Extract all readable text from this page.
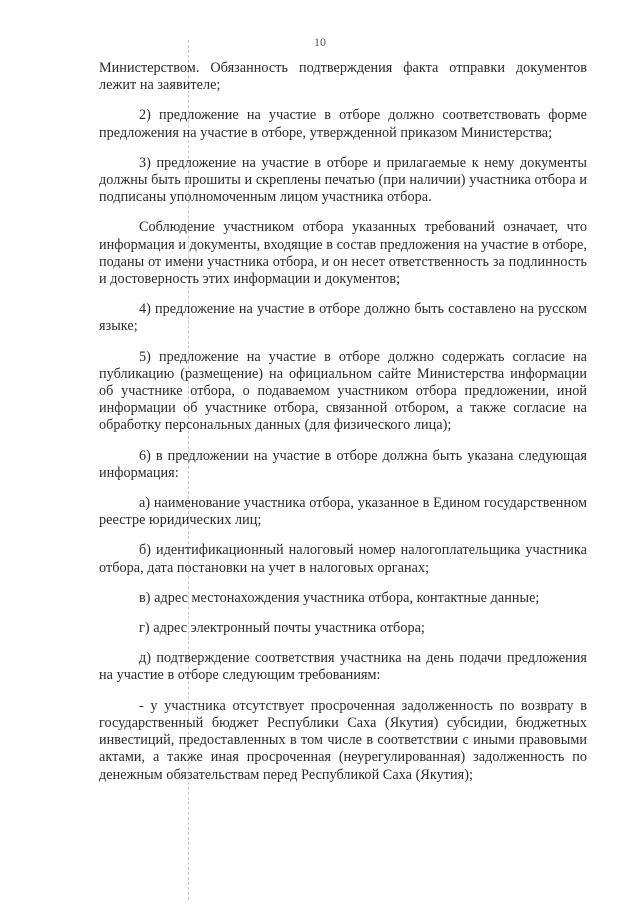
10

Министерством. Обязанность подтверждения факта отправки документов лежит на заявителе;

2) предложение на участие в отборе должно соответствовать форме предложения на участие в отборе, утвержденной приказом Министерства;

3) предложение на участие в отборе и прилагаемые к нему документы должны быть прошиты и скреплены печатью (при наличии) участника отбора и подписаны уполномоченным лицом участника отбора.

Соблюдение участником отбора указанных требований означает, что информация и документы, входящие в состав предложения на участие в отборе, поданы от имени участника отбора, и он несет ответственность за подлинность и достоверность этих информации и документов;

4) предложение на участие в отборе должно быть составлено на русском языке;

5) предложение на участие в отборе должно содержать согласие на публикацию (размещение) на официальном сайте Министерства информации об участнике отбора, о подаваемом участником отбора предложении, иной информации об участнике отбора, связанной отбором, а также согласие на обработку персональных данных (для физического лица);

6) в предложении на участие в отборе должна быть указана следующая информация:

а) наименование участника отбора, указанное в Едином государственном реестре юридических лиц;

б) идентификационный налоговый номер налогоплательщика участника отбора, дата постановки на учет в налоговых органах;

в) адрес местонахождения участника отбора, контактные данные;

г) адрес электронный почты участника отбора;

д) подтверждение соответствия участника на день подачи предложения на участие в отборе следующим требованиям:

- у участника отсутствует просроченная задолженность по возврату в государственный бюджет Республики Саха (Якутия) субсидии, бюджетных инвестиций, предоставленных в том числе в соответствии с иными правовыми актами, а также иная просроченная (неурегулированная) задолженность по денежным обязательствам перед Республикой Саха (Якутия);
